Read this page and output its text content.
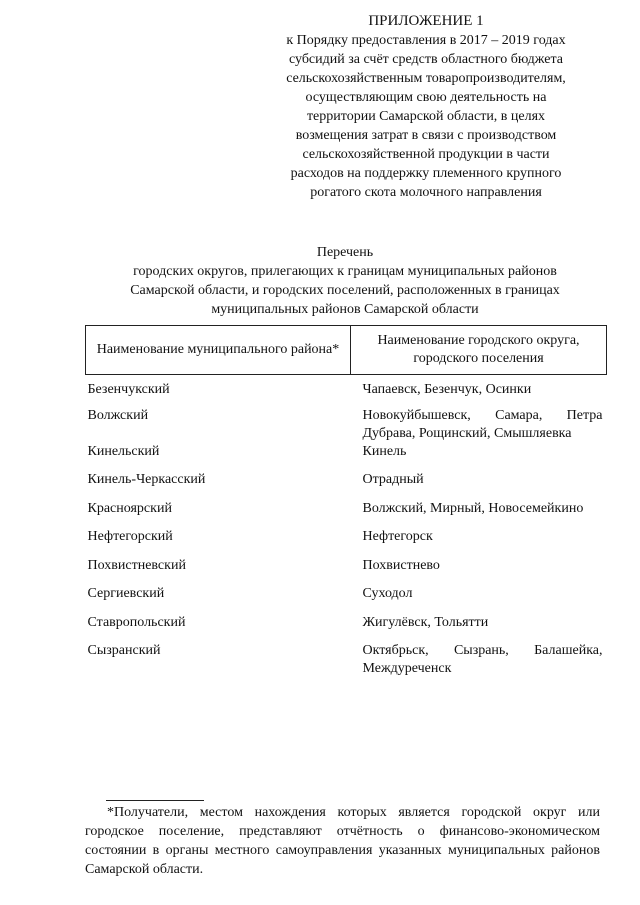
ПРИЛОЖЕНИЕ 1
к Порядку предоставления в 2017 – 2019 годах
субсидий за счёт средств областного бюджета
сельскохозяйственным товаропроизводителям,
осуществляющим свою деятельность на
территории Самарской области, в целях
возмещения затрат в связи с производством
сельскохозяйственной продукции в части
расходов на поддержку племенного крупного
рогатого скота молочного направления
Перечень
городских округов, прилегающих к границам муниципальных районов
Самарской области, и городских поселений, расположенных в границах
муниципальных районов Самарской области
Наименование муниципального района*	Наименование городского округа, городского поселения
Безенчукский	Чапаевск, Безенчук, Осинки
Волжский	Новокуйбышевск, Самара, Петра Дубрава, Рощинский, Смышляевка
Кинельский	Кинель
Кинель-Черкасский	Отрадный
Красноярский	Волжский, Мирный, Новосемейкино
Нефтегорский	Нефтегорск
Похвистневский	Похвистнево
Сергиевский	Суходол
Ставропольский	Жигулёвск, Тольятти
Сызранский	Октябрьск, Сызрань, Балашейка, Междуреченск
*Получатели, местом нахождения которых является городской округ или городское поселение, представляют отчётность о финансово-экономическом состоянии в органы местного самоуправления указанных муниципальных районов Самарской области.
